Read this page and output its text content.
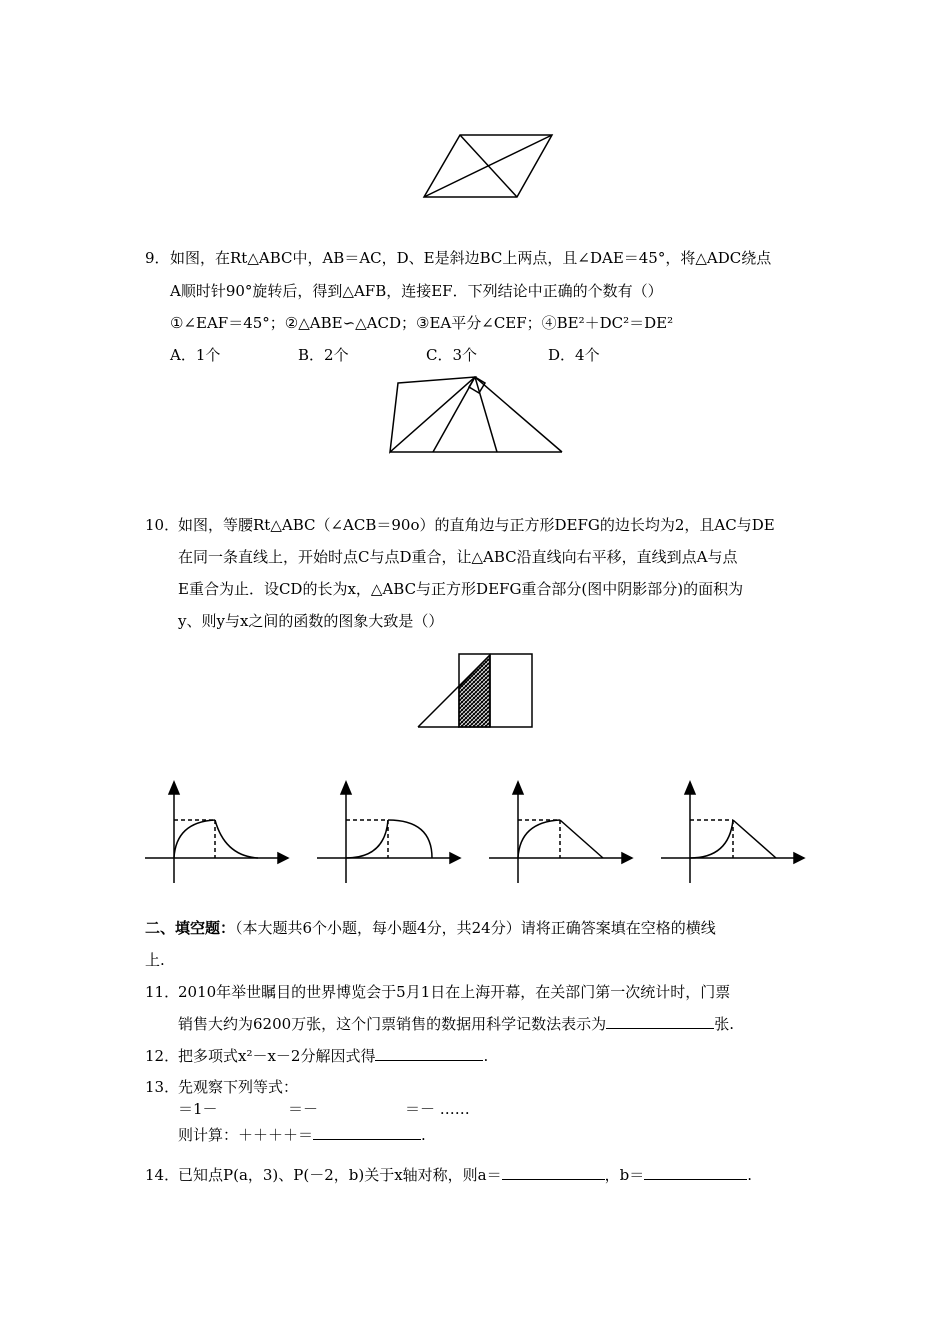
9． 如图，在Rt△ABC中，AB＝AC，D、E是斜边BC上两点，且∠DAE＝45°，将△ADC绕点
A顺时针90°旋转后，得到△AFB，连接EF．下列结论中正确的个数有（）
①∠EAF＝45°；②△ABE∽△ACD；③EA平分∠CEF；④BE²＋DC²＝DE²
A．1个	B．2个	C．3个	D．4个
10．
如图，等腰Rt△ABC（∠ACB＝90o）的直角边与正方形DEFG的边长均为2，且AC与DE
在同一条直线上，开始时点C与点D重合，让△ABC沿直线向右平移，直线到点A与点
E重合为止．设CD的长为x，△ABC与正方形DEFG重合部分(图中阴影部分)的面积为
y、则y与x之间的函数的图象大致是（）
二、填空题：（本大题共6个小题，每小题4分，共24分）请将正确答案填在空格的横线
上.
11．
2010年举世瞩目的世界博览会于5月1日在上海开幕，在关部门第一次统计时，门票
销售大约为6200万张，这个门票销售的数据用科学记数法表示为	张.
12．
把多项式x²－x－2分解因式得	.
13．
先观察下列等式：
＝1－	＝－	＝－ ……
则计算：＋＋＋＋＝	.
14．
已知点P(a，3)、P(－2，b)关于x轴对称，则a＝	，b＝	.
